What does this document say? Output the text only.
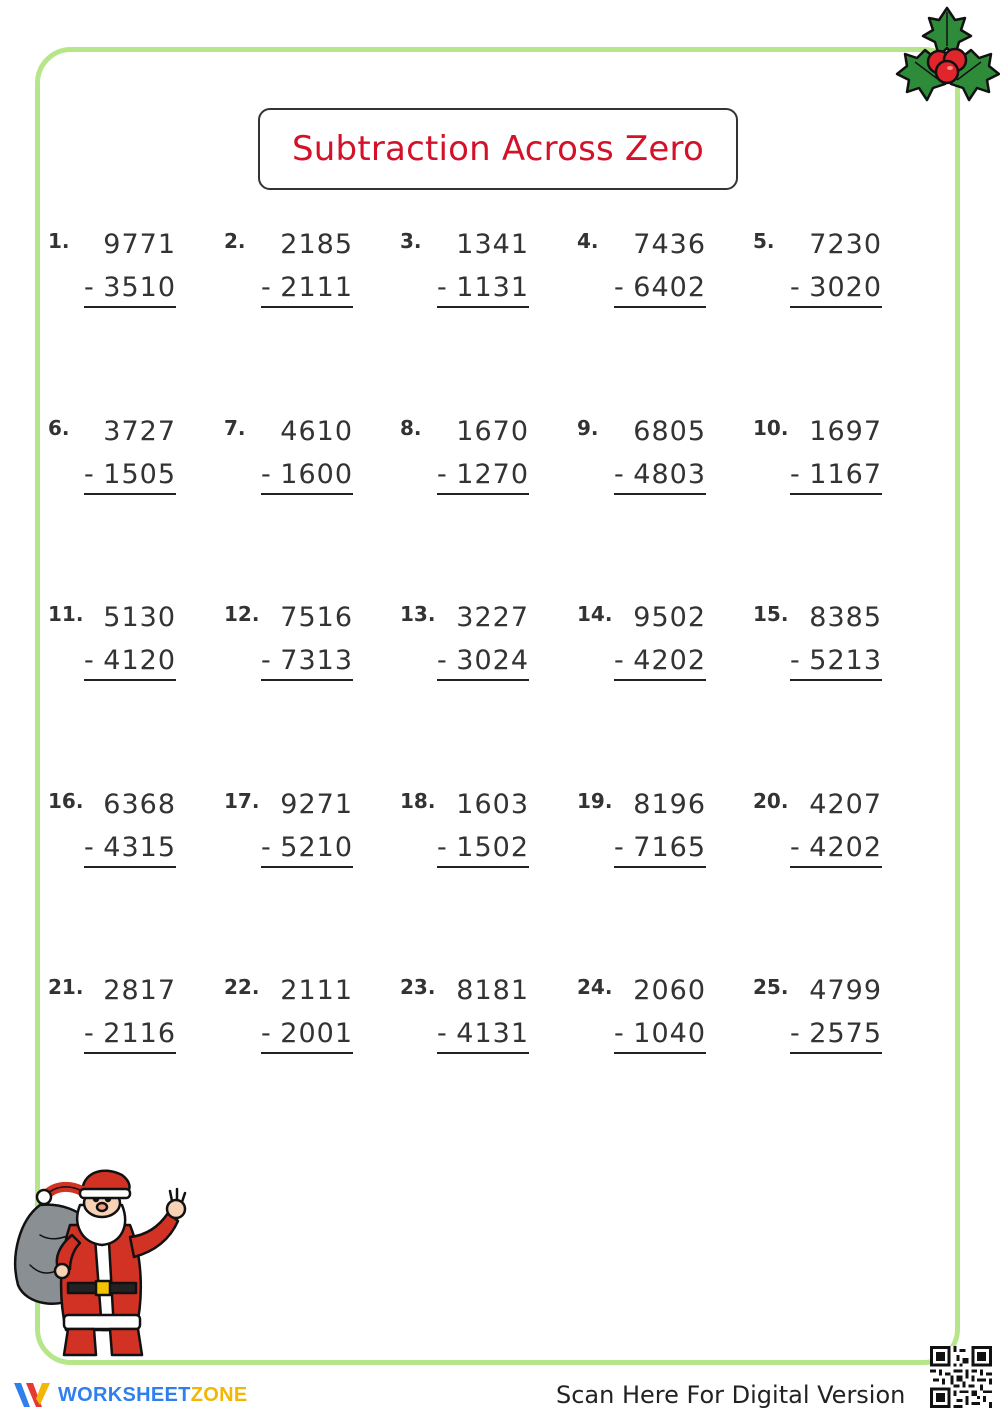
Subtraction Across Zero
1. 9771
- 3510
2. 2185
- 2111
3. 1341
- 1131
4. 7436
- 6402
5. 7230
- 3020
6. 3727
- 1505
7. 4610
- 1600
8. 1670
- 1270
9. 6805
- 4803
10. 1697
- 1167
11. 5130
- 4120
12. 7516
- 7313
13. 3227
- 3024
14. 9502
- 4202
15. 8385
- 5213
16. 6368
- 4315
17. 9271
- 5210
18. 1603
- 1502
19. 8196
- 7165
20. 4207
- 4202
21. 2817
- 2116
22. 2111
- 2001
23. 8181
- 4131
24. 2060
- 1040
25. 4799
- 2575
WORKSHEETZONE	Scan Here For Digital Version
